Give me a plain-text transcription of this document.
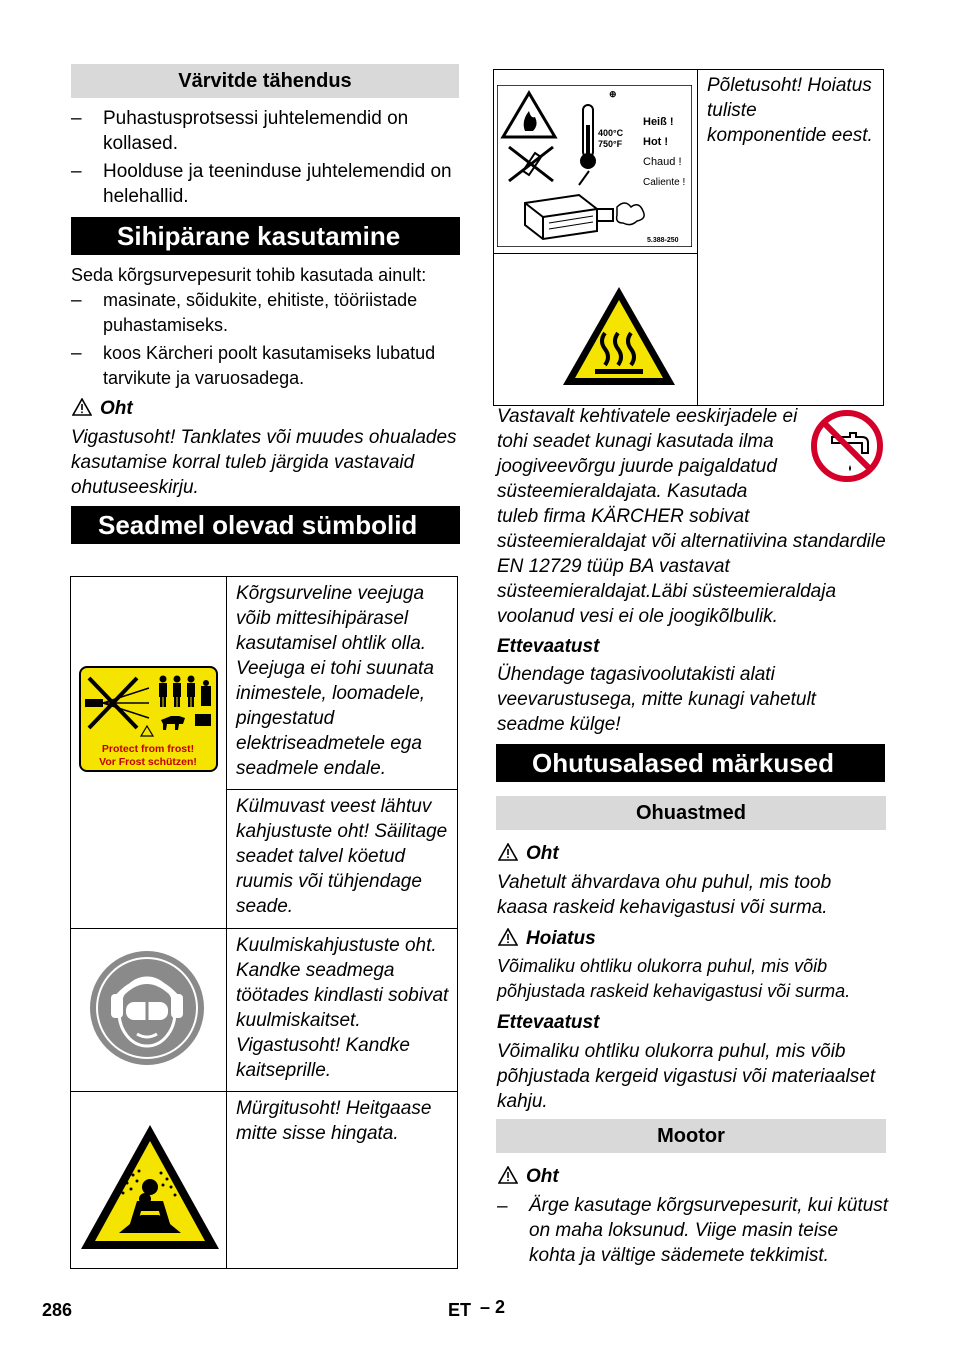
Värvitde tähendus
– Puhastusprotsessi juhtelemendid on kollased.
– Hoolduse ja teeninduse juhtelemendid on helehallid.
Sihipärane kasutamine
Seda kõrgsurvepesurit tohib kasutada ainult:
– masinate, sõidukite, ehitiste, tööriistade puhastamiseks.
– koos Kärcheri poolt kasutamiseks lubatud tarvikute ja varuosadega.
Oht
Vigastusoht! Tanklates või muudes ohualades kasutamise korral tuleb järgida vastavaid ohutuseeskirju.
Seadmel olevad sümbolid
Protect from frost!
Vor Frost schützen!	Kõrgsurveline veejuga võib mittesihipärasel kasutamisel ohtlik olla. Veejuga ei tohi suunata inimestele, loomadele, pingestatud elektriseadmetele ega seadmele endale.

	Külmuvast veest lähtuv kahjustuste oht! Säilitage seadet talvel köetud ruumis või tühjendage seade.

Kuulmiskahjustuste oht. Kandke seadmega töötades kindlasti sobivat kuulmiskaitset. Vigastusoht! Kandke kaitseprille.

Mürgitusoht! Heitgaase mitte sisse hingata.
⊕
400°C
750°F
Heiß !
Hot !
Chaud !
Caliente !
5.388-250

Põletusoht! Hoiatus tuliste komponentide eest.

Vastavalt kehtivatele eeskirjadele ei tohi seadet kunagi kasutada ilma joogiveevõrgu juurde paigaldatud süsteemieraldajata. Kasutada
tuleb firma KÄRCHER sobivat süsteemieraldajat või alternatiivina standardile EN 12729 tüüp BA vastavat süsteemieraldajat.Läbi süsteemieraldaja voolanud vesi ei ole joogikõlbulik.
Ettevaatust
Ühendage tagasivoolutakisti alati veevarustusega, mitte kunagi vahetult seadme külge!
Ohutusalased märkused
Ohuastmed
Oht
Vahetult ähvardava ohu puhul, mis toob kaasa raskeid kehavigastusi või surma.
Hoiatus
Võimaliku ohtliku olukorra puhul, mis võib põhjustada raskeid kehavigastusi või surma.
Ettevaatust
Võimaliku ohtliku olukorra puhul, mis võib põhjustada kergeid vigastusi või materiaalset kahju.
Mootor
Oht
– Ärge kasutage kõrgsurvepesurit, kui kütust on maha loksunud. Viige masin teise kohta ja vältige sädemete tekkimist.
286	ET – 2
